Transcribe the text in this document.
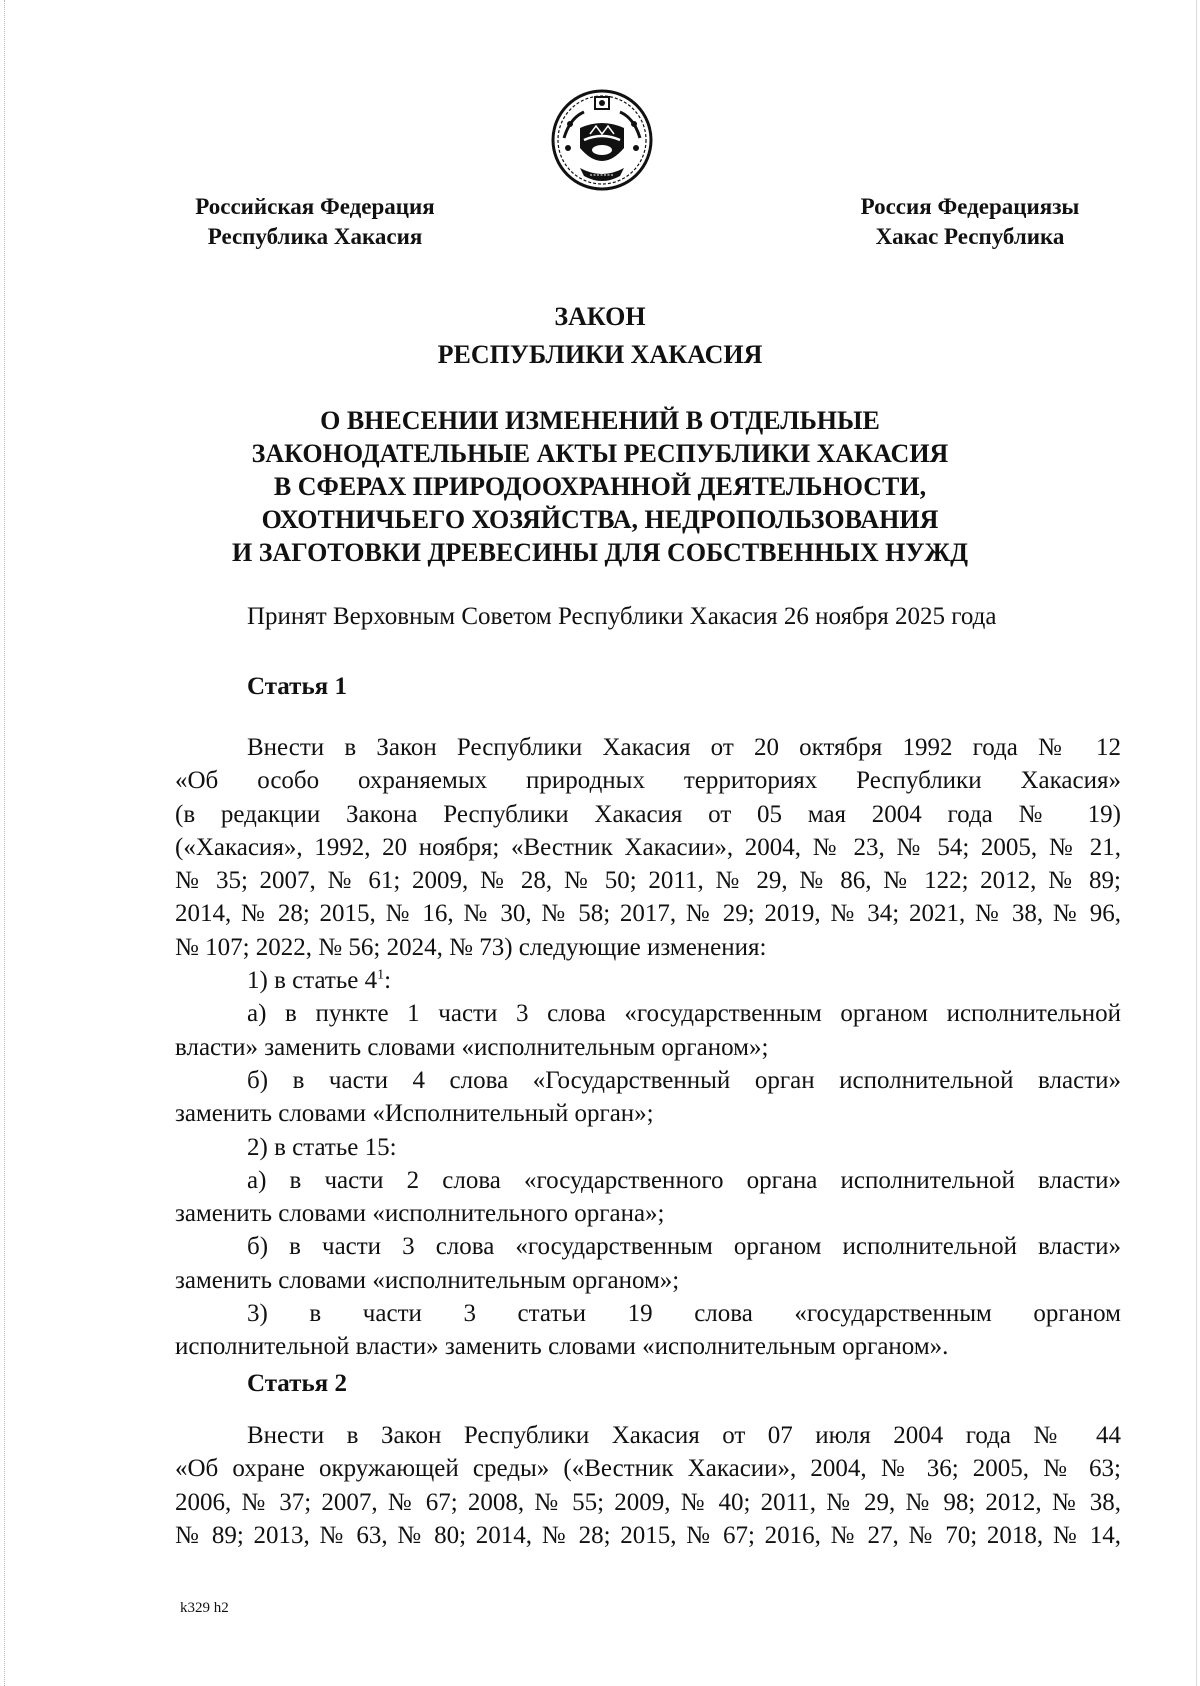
Российская Федерация
Республика Хакасия
Россия Федерациязы
Хакас Республика
ЗАКОН
РЕСПУБЛИКИ ХАКАСИЯ
О ВНЕСЕНИИ ИЗМЕНЕНИЙ В ОТДЕЛЬНЫЕ
ЗАКОНОДАТЕЛЬНЫЕ АКТЫ РЕСПУБЛИКИ ХАКАСИЯ
В СФЕРАХ ПРИРОДООХРАННОЙ ДЕЯТЕЛЬНОСТИ,
ОХОТНИЧЬЕГО ХОЗЯЙСТВА, НЕДРОПОЛЬЗОВАНИЯ
И ЗАГОТОВКИ ДРЕВЕСИНЫ ДЛЯ СОБСТВЕННЫХ НУЖД
Принят Верховным Советом Республики Хакасия 26 ноября 2025 года
Статья 1
Внести в Закон Республики Хакасия от 20 октября 1992 года № 12
«Об особо охраняемых природных территориях Республики Хакасия»
(в редакции Закона Республики Хакасия от 05 мая 2004 года № 19)
(«Хакасия», 1992, 20 ноября; «Вестник Хакасии», 2004, № 23, № 54; 2005, № 21,
№ 35; 2007, № 61; 2009, № 28, № 50; 2011, № 29, № 86, № 122; 2012, № 89;
2014, № 28; 2015, № 16, № 30, № 58; 2017, № 29; 2019, № 34; 2021, № 38, № 96,
№ 107; 2022, № 56; 2024, № 73) следующие изменения:
1) в статье $4^1$:
а) в пункте 1 части 3 слова «государственным органом исполнительной
власти» заменить словами «исполнительным органом»;
б) в части 4 слова «Государственный орган исполнительной власти»
заменить словами «Исполнительный орган»;
2) в статье 15:
а) в части 2 слова «государственного органа исполнительной власти»
заменить словами «исполнительного органа»;
б) в части 3 слова «государственным органом исполнительной власти»
заменить словами «исполнительным органом»;
3) в части 3 статьи 19 слова «государственным органом
исполнительной власти» заменить словами «исполнительным органом».
Статья 2
Внести в Закон Республики Хакасия от 07 июля 2004 года № 44
«Об охране окружающей среды» («Вестник Хакасии», 2004, № 36; 2005, № 63;
2006, № 37; 2007, № 67; 2008, № 55; 2009, № 40; 2011, № 29, № 98; 2012, № 38,
№ 89; 2013, № 63, № 80; 2014, № 28; 2015, № 67; 2016, № 27, № 70; 2018, № 14,
k329 h2
